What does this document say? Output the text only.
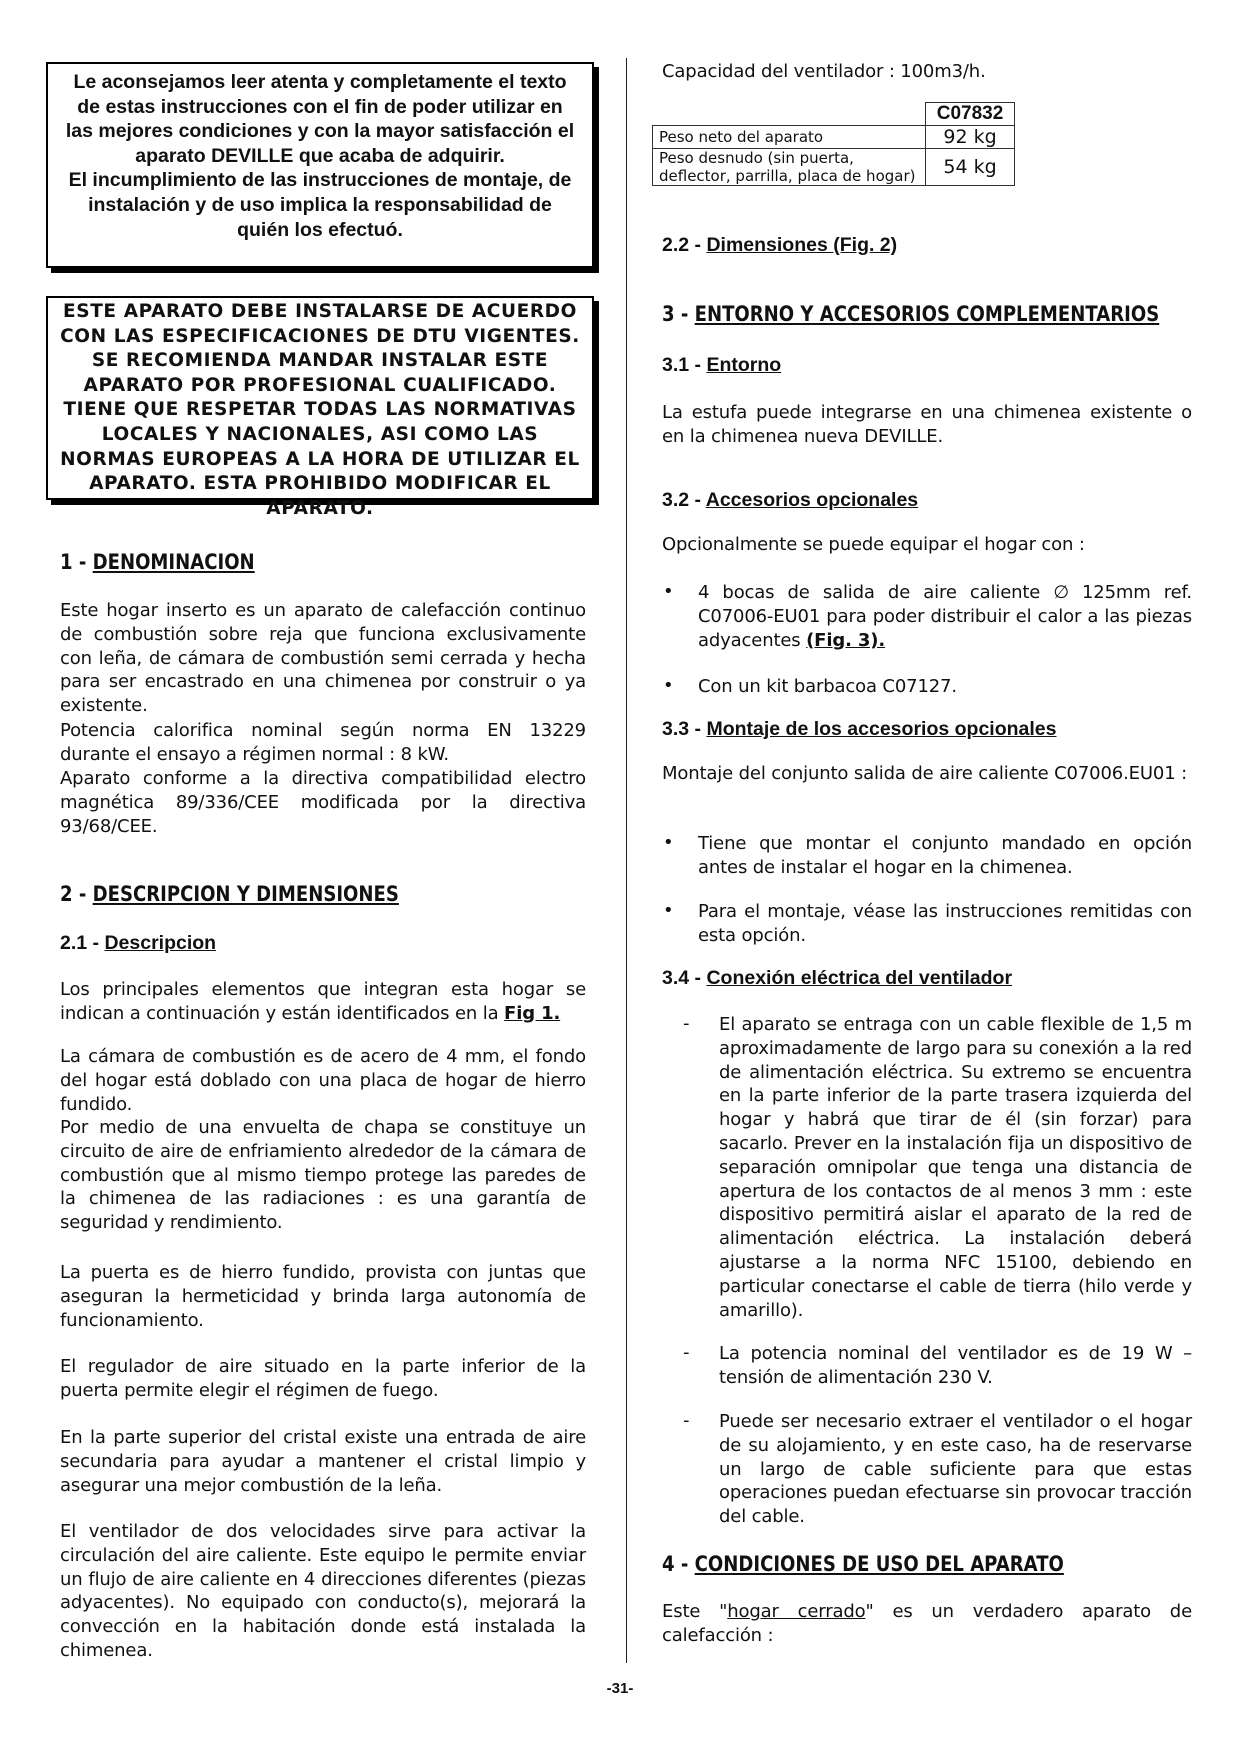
Le aconsejamos leer atenta y completamente el texto de estas instrucciones con el fin de poder utilizar en las mejores condiciones y con la mayor satisfacción el aparato DEVILLE que acaba de adquirir.

El incumplimiento de las instrucciones de montaje, de instalación y de uso implica la responsabilidad de quién los efectuó.

ESTE APARATO DEBE INSTALARSE DE ACUERDO CON LAS ESPECIFICACIONES DE DTU VIGENTES. SE RECOMIENDA MANDAR INSTALAR ESTE APARATO POR PROFESIONAL CUALIFICADO. TIENE QUE RESPETAR TODAS LAS NORMATIVAS LOCALES Y NACIONALES, ASI COMO LAS NORMAS EUROPEAS A LA HORA DE UTILIZAR EL APARATO. ESTA PROHIBIDO MODIFICAR EL APARATO.

1 - DENOMINACION

Este hogar inserto es un aparato de calefacción continuo de combustión sobre reja que funciona exclusivamente con leña, de cámara de combustión semi cerrada y hecha para ser encastrado en una chimenea por construir o ya existente.

Potencia calorifica nominal según norma EN 13229 durante el ensayo a régimen normal : 8 kW.

Aparato conforme a la directiva compatibilidad electro magnética 89/336/CEE modificada por la directiva 93/68/CEE.

2 - DESCRIPCION Y DIMENSIONES
2.1 - Descripcion

Los principales elementos que integran esta hogar se indican a continuación y están identificados en la Fig 1.

La cámara de combustión es de acero de 4 mm, el fondo del hogar está doblado con una placa de hogar de hierro fundido.

Por medio de una envuelta de chapa se constituye un circuito de aire de enfriamiento alrededor de la cámara de combustión que al mismo tiempo protege las paredes de la chimenea de las radiaciones : es una garantía de seguridad y rendimiento.

La puerta es de hierro fundido, provista con juntas que aseguran la hermeticidad y brinda larga autonomía de funcionamiento.

El regulador de aire situado en la parte inferior de la puerta permite elegir el régimen de fuego.

En la parte superior del cristal existe una entrada de aire secundaria para ayudar a mantener el cristal limpio y asegurar una mejor combustión de la leña.

El ventilador de dos velocidades sirve para activar la circulación del aire caliente. Este equipo le permite enviar un flujo de aire caliente en 4 direcciones diferentes (piezas adyacentes). No equipado con conducto(s), mejorará la convección en la habitación donde está instalada la chimenea.

Capacidad del ventilador : 100m3/h.

	C07832
Peso neto del aparato	92 kg
Peso desnudo (sin puerta, deflector, parrilla, placa de hogar)	54 kg
2.2 - Dimensiones (Fig. 2)
3 - ENTORNO Y ACCESORIOS COMPLEMENTARIOS
3.1 - Entorno

La estufa puede integrarse en una chimenea existente o en la chimenea nueva DEVILLE.

3.2 - Accesorios opcionales

Opcionalmente se puede equipar el hogar con :

• 4 bocas de salida de aire caliente ∅ 125mm ref. C07006-EU01 para poder distribuir el calor a las piezas adyacentes (Fig. 3).

• Con un kit barbacoa C07127.

3.3 - Montaje de los accesorios opcionales

Montaje del conjunto salida de aire caliente C07006.EU01 :

• Tiene que montar el conjunto mandado en opción antes de instalar el hogar en la chimenea.

• Para el montaje, véase las instrucciones remitidas con esta opción.

3.4 - Conexión eléctrica del ventilador
- El aparato se entraga con un cable flexible de 1,5 m aproximadamente de largo para su conexión a la red de alimentación eléctrica. Su extremo se encuentra en la parte inferior de la parte trasera izquierda del hogar y habrá que tirar de él (sin forzar) para sacarlo. Prever en la instalación fija un dispositivo de separación omnipolar que tenga una distancia de apertura de los contactos de al menos 3 mm : este dispositivo permitirá aislar el aparato de la red de alimentación eléctrica. La instalación deberá ajustarse a la norma NFC 15100, debiendo en particular conectarse el cable de tierra (hilo verde y amarillo).

- La potencia nominal del ventilador es de 19 W – tensión de alimentación 230 V.

- Puede ser necesario extraer el ventilador o el hogar de su alojamiento, y en este caso, ha de reservarse un largo de cable suficiente para que estas operaciones puedan efectuarse sin provocar tracción del cable.

4 - CONDICIONES DE USO DEL APARATO

Este "hogar cerrado" es un verdadero aparato de calefacción :

-31-
